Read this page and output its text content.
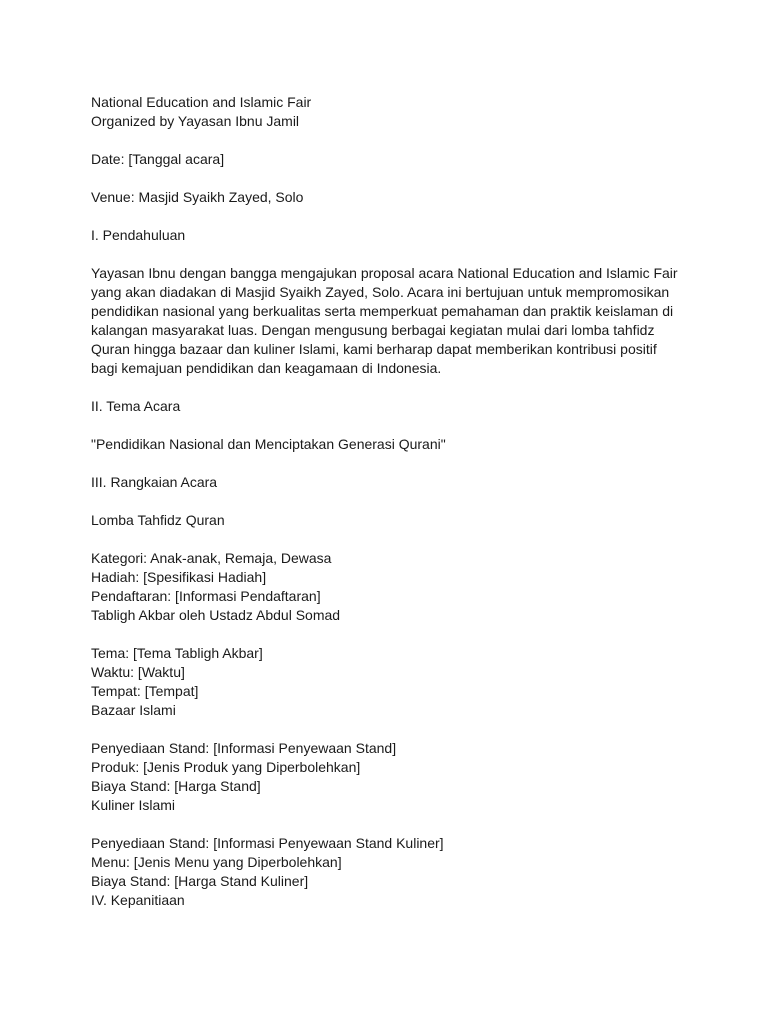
National Education and Islamic Fair
Organized by Yayasan Ibnu Jamil
Date: [Tanggal acara]
Venue: Masjid Syaikh Zayed, Solo
I. Pendahuluan
Yayasan Ibnu dengan bangga mengajukan proposal acara National Education and Islamic Fair
yang akan diadakan di Masjid Syaikh Zayed, Solo. Acara ini bertujuan untuk mempromosikan
pendidikan nasional yang berkualitas serta memperkuat pemahaman dan praktik keislaman di
kalangan masyarakat luas. Dengan mengusung berbagai kegiatan mulai dari lomba tahfidz
Quran hingga bazaar dan kuliner Islami, kami berharap dapat memberikan kontribusi positif
bagi kemajuan pendidikan dan keagamaan di Indonesia.
II. Tema Acara
"Pendidikan Nasional dan Menciptakan Generasi Qurani"
III. Rangkaian Acara
Lomba Tahfidz Quran
Kategori: Anak-anak, Remaja, Dewasa
Hadiah: [Spesifikasi Hadiah]
Pendaftaran: [Informasi Pendaftaran]
Tabligh Akbar oleh Ustadz Abdul Somad
Tema: [Tema Tabligh Akbar]
Waktu: [Waktu]
Tempat: [Tempat]
Bazaar Islami
Penyediaan Stand: [Informasi Penyewaan Stand]
Produk: [Jenis Produk yang Diperbolehkan]
Biaya Stand: [Harga Stand]
Kuliner Islami
Penyediaan Stand: [Informasi Penyewaan Stand Kuliner]
Menu: [Jenis Menu yang Diperbolehkan]
Biaya Stand: [Harga Stand Kuliner]
IV. Kepanitiaan
